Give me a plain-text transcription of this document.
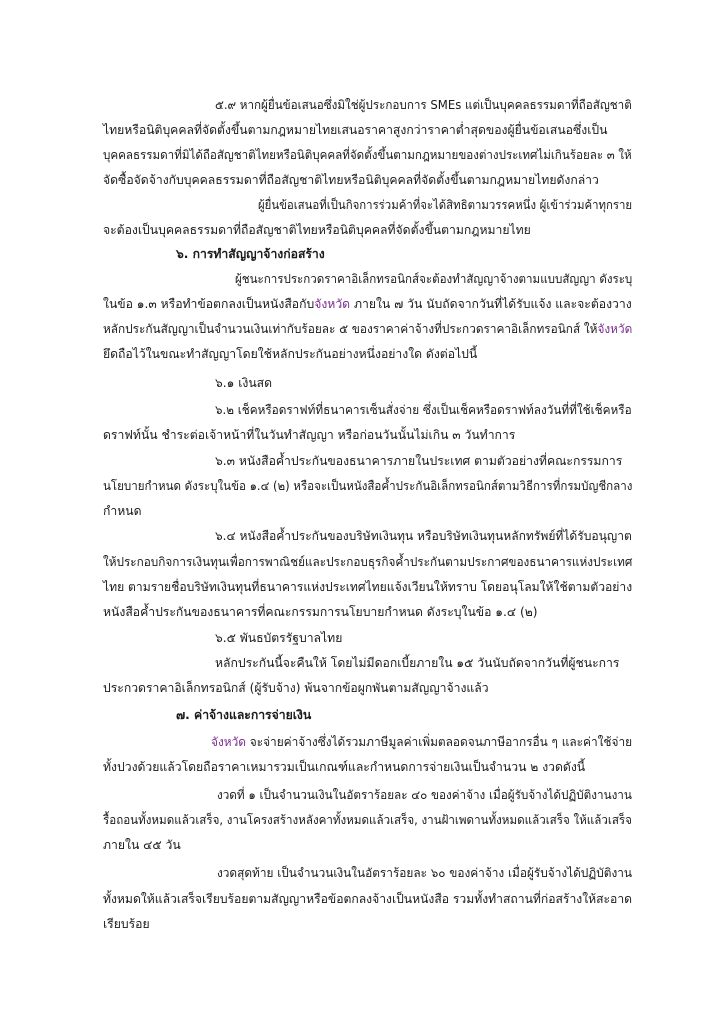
๕.๙ หากผู้ยื่นข้อเสนอซึ่งมิใช่ผู้ประกอบการ SMEs แต่เป็นบุคคลธรรมดาที่ถือสัญชาติ
ไทยหรือนิติบุคคลที่จัดตั้งขึ้นตามกฎหมายไทยเสนอราคาสูงกว่าราคาต่ำสุดของผู้ยื่นข้อเสนอซึ่งเป็น
บุคคลธรรมดาที่มิได้ถือสัญชาติไทยหรือนิติบุคคลที่จัดตั้งขึ้นตามกฎหมายของต่างประเทศไม่เกินร้อยละ ๓ ให้
จัดซื้อจัดจ้างกับบุคคลธรรมดาที่ถือสัญชาติไทยหรือนิติบุคคลที่จัดตั้งขึ้นตามกฎหมายไทยดังกล่าว
ผู้ยื่นข้อเสนอที่เป็นกิจการร่วมค้าที่จะได้สิทธิตามวรรคหนึ่ง ผู้เข้าร่วมค้าทุกราย
จะต้องเป็นบุคคลธรรมดาที่ถือสัญชาติไทยหรือนิติบุคคลที่จัดตั้งขึ้นตามกฎหมายไทย
๖. การทำสัญญาจ้างก่อสร้าง
ผู้ชนะการประกวดราคาอิเล็กทรอนิกส์จะต้องทำสัญญาจ้างตามแบบสัญญา ดังระบุ
ในข้อ ๑.๓ หรือทำข้อตกลงเป็นหนังสือกับจังหวัด ภายใน ๗ วัน นับถัดจากวันที่ได้รับแจ้ง และจะต้องวาง
หลักประกันสัญญาเป็นจำนวนเงินเท่ากับร้อยละ ๕ ของราคาค่าจ้างที่ประกวดราคาอิเล็กทรอนิกส์ ให้จังหวัด
ยึดถือไว้ในขณะทำสัญญาโดยใช้หลักประกันอย่างหนึ่งอย่างใด ดังต่อไปนี้
๖.๑ เงินสด
๖.๒ เช็คหรือดราฟท์ที่ธนาคารเซ็นสั่งจ่าย ซึ่งเป็นเช็คหรือดราฟท์ลงวันที่ที่ใช้เช็คหรือ
ดราฟท์นั้น ชำระต่อเจ้าหน้าที่ในวันทำสัญญา หรือก่อนวันนั้นไม่เกิน ๓ วันทำการ
๖.๓ หนังสือค้ำประกันของธนาคารภายในประเทศ ตามตัวอย่างที่คณะกรรมการ
นโยบายกำหนด ดังระบุในข้อ ๑.๔ (๒) หรือจะเป็นหนังสือค้ำประกันอิเล็กทรอนิกส์ตามวิธีการที่กรมบัญชีกลาง
กำหนด
๖.๔ หนังสือค้ำประกันของบริษัทเงินทุน หรือบริษัทเงินทุนหลักทรัพย์ที่ได้รับอนุญาต
ให้ประกอบกิจการเงินทุนเพื่อการพาณิชย์และประกอบธุรกิจค้ำประกันตามประกาศของธนาคารแห่งประเทศ
ไทย ตามรายชื่อบริษัทเงินทุนที่ธนาคารแห่งประเทศไทยแจ้งเวียนให้ทราบ โดยอนุโลมให้ใช้ตามตัวอย่าง
หนังสือค้ำประกันของธนาคารที่คณะกรรมการนโยบายกำหนด ดังระบุในข้อ ๑.๔ (๒)
๖.๕ พันธบัตรรัฐบาลไทย
หลักประกันนี้จะคืนให้ โดยไม่มีดอกเบี้ยภายใน ๑๕ วันนับถัดจากวันที่ผู้ชนะการ
ประกวดราคาอิเล็กทรอนิกส์ (ผู้รับจ้าง) พ้นจากข้อผูกพันตามสัญญาจ้างแล้ว
๗. ค่าจ้างและการจ่ายเงิน
จังหวัด จะจ่ายค่าจ้างซึ่งได้รวมภาษีมูลค่าเพิ่มตลอดจนภาษีอากรอื่น ๆ และค่าใช้จ่าย
ทั้งปวงด้วยแล้วโดยถือราคาเหมารวมเป็นเกณฑ์และกำหนดการจ่ายเงินเป็นจำนวน ๒ งวดดังนี้
งวดที่ ๑ เป็นจำนวนเงินในอัตราร้อยละ ๔๐ ของค่าจ้าง เมื่อผู้รับจ้างได้ปฏิบัติงานงาน
รื้อถอนทั้งหมดแล้วเสร็จ, งานโครงสร้างหลังคาทั้งหมดแล้วเสร็จ, งานฝ้าเพดานทั้งหมดแล้วเสร็จ ให้แล้วเสร็จ
ภายใน ๔๕ วัน
งวดสุดท้าย เป็นจำนวนเงินในอัตราร้อยละ ๖๐ ของค่าจ้าง เมื่อผู้รับจ้างได้ปฏิบัติงาน
ทั้งหมดให้แล้วเสร็จเรียบร้อยตามสัญญาหรือข้อตกลงจ้างเป็นหนังสือ รวมทั้งทำสถานที่ก่อสร้างให้สะอาด
เรียบร้อย
